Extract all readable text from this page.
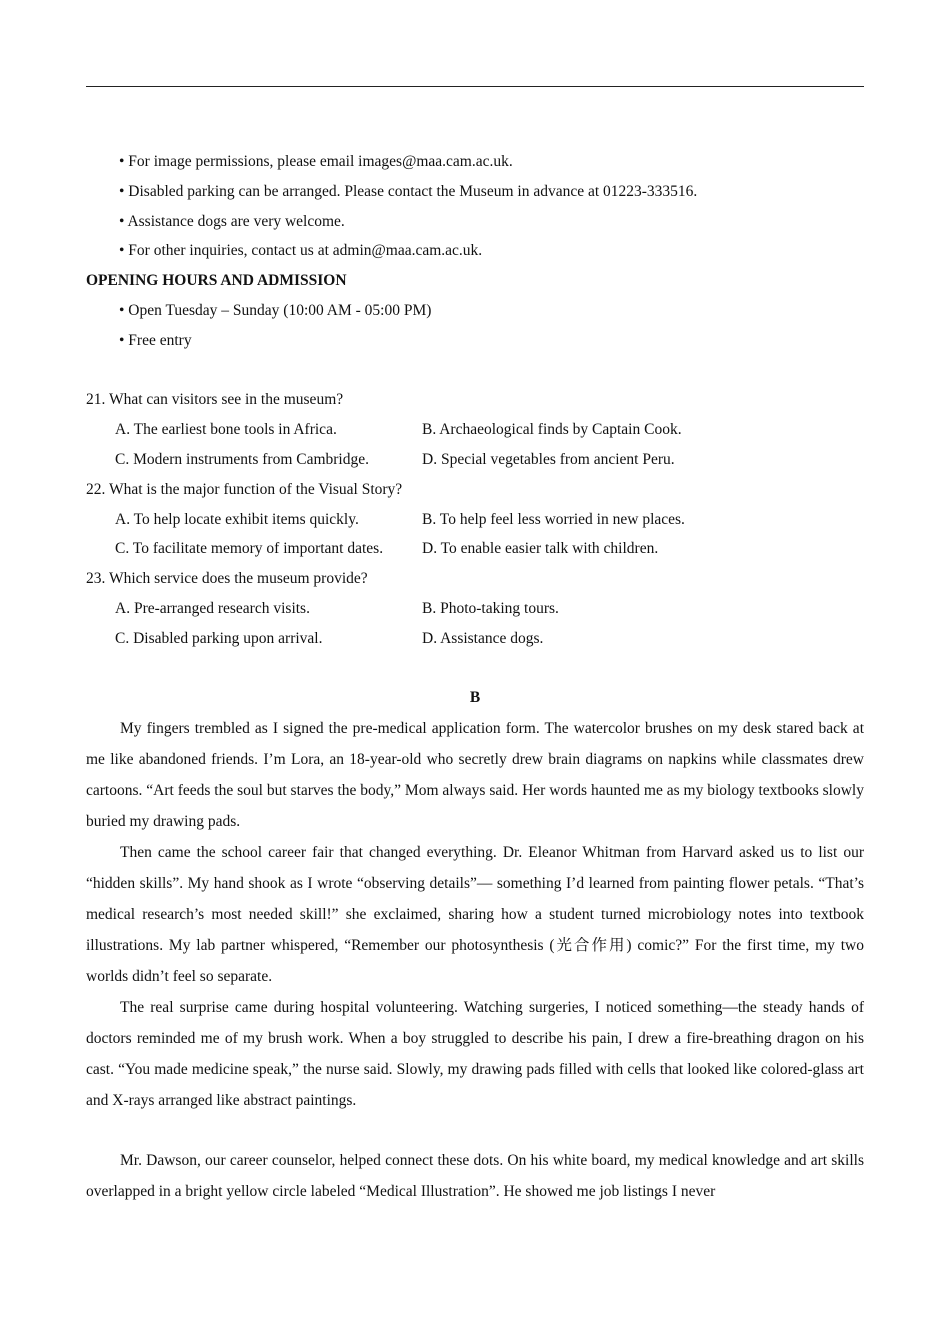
• For image permissions, please email images@maa.cam.ac.uk.
• Disabled parking can be arranged. Please contact the Museum in advance at 01223-333516.
• Assistance dogs are very welcome.
• For other inquiries, contact us at admin@maa.cam.ac.uk.
OPENING HOURS AND ADMISSION
• Open Tuesday – Sunday (10:00 AM - 05:00 PM)
• Free entry
21. What can visitors see in the museum?
A. The earliest bone tools in Africa.	B. Archaeological finds by Captain Cook.
C. Modern instruments from Cambridge.	D. Special vegetables from ancient Peru.
22. What is the major function of the Visual Story?
A. To help locate exhibit items quickly.	B. To help feel less worried in new places.
C. To facilitate memory of important dates.	D. To enable easier talk with children.
23. Which service does the museum provide?
A. Pre-arranged research visits.	B. Photo-taking tours.
C. Disabled parking upon arrival.	D. Assistance dogs.
B
My fingers trembled as I signed the pre-medical application form. The watercolor brushes on my desk stared back at me like abandoned friends. I’m Lora, an 18-year-old who secretly drew brain diagrams on napkins while classmates drew cartoons. “Art feeds the soul but starves the body,” Mom always said. Her words haunted me as my biology textbooks slowly buried my drawing pads.
Then came the school career fair that changed everything. Dr. Eleanor Whitman from Harvard asked us to list our “hidden skills”. My hand shook as I wrote “observing details”— something I’d learned from painting flower petals. “That’s medical research’s most needed skill!” she exclaimed, sharing how a student turned microbiology notes into textbook illustrations. My lab partner whispered, “Remember our photosynthesis (光合作用) comic?” For the first time, my two worlds didn’t feel so separate.
The real surprise came during hospital volunteering. Watching surgeries, I noticed something—the steady hands of doctors reminded me of my brush work. When a boy struggled to describe his pain, I drew a fire-breathing dragon on his cast. “You made medicine speak,” the nurse said. Slowly, my drawing pads filled with cells that looked like colored-glass art and X-rays arranged like abstract paintings.
Mr. Dawson, our career counselor, helped connect these dots. On his white board, my medical knowledge and art skills overlapped in a bright yellow circle labeled “Medical Illustration”. He showed me job listings I never
